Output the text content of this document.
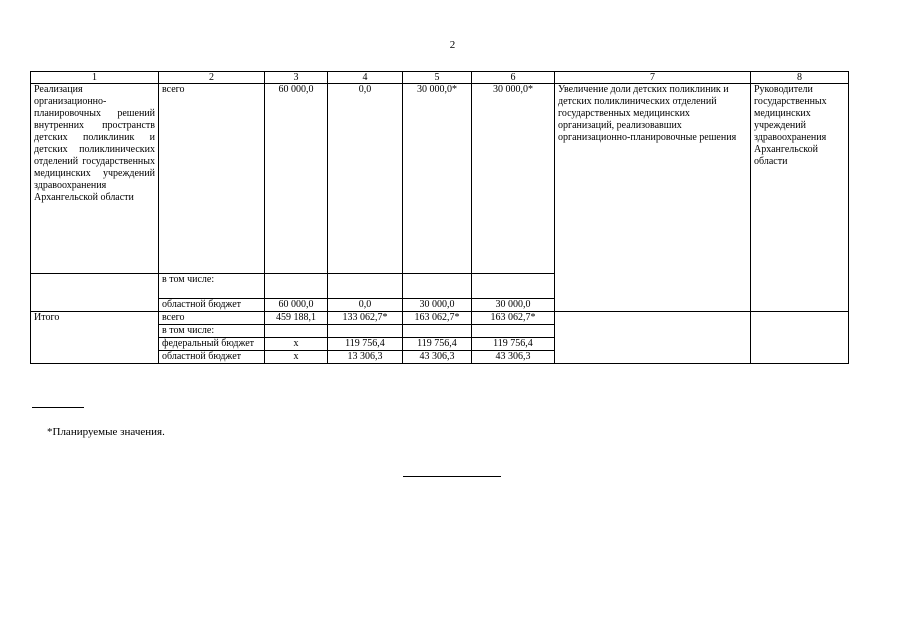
2
1	2	3	4	5	6	7	8
Реализация организационно-планировочных решений внутренних пространств детских поликлиник и детских поликлинических отделений государственных медицинских учреждений здравоохранения Архангельской области	всего	60 000,0	0,0	30 000,0*	30 000,0*	Увеличение доли детских поликлиник и детских поликлинических отделений государственных медицинских организаций, реализовавших организационно-планировочные решения	Руководители государственных медицинских учреждений здравоохранения Архангельской области
	в том числе:						
	областной бюджет	60 000,0	0,0	30 000,0	30 000,0		
Итого	всего	459 188,1	133 062,7*	163 062,7*	163 062,7*		
	в том числе:						
	федеральный бюджет	х	119 756,4	119 756,4	119 756,4		
	областной бюджет	х	13 306,3	43 306,3	43 306,3		
*Планируемые значения.
